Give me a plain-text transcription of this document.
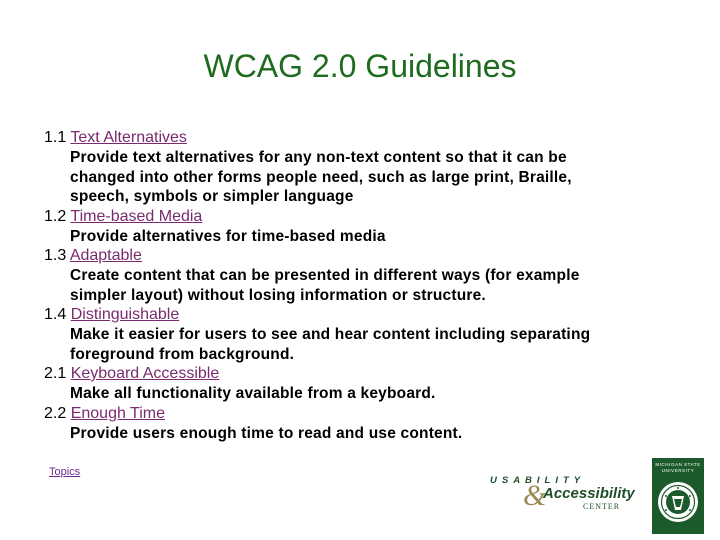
WCAG 2.0 Guidelines
1.1 Text Alternatives
Provide text alternatives for any non-text content so that it can be
changed into other forms people need, such as large print, Braille,
speech, symbols or simpler language
1.2 Time-based Media
Provide alternatives for time-based media
1.3 Adaptable
Create content that can be presented in different ways (for example
simpler layout) without losing information or structure.
1.4 Distinguishable
Make it easier for users to see and hear content including separating
foreground from background.
2.1 Keyboard Accessible
Make all functionality available from a keyboard.
2.2 Enough Time
Provide users enough time to read and use content.
Topics
USABILITY
&
Accessibility
CENTER
MICHIGAN STATE UNIVERSITY
